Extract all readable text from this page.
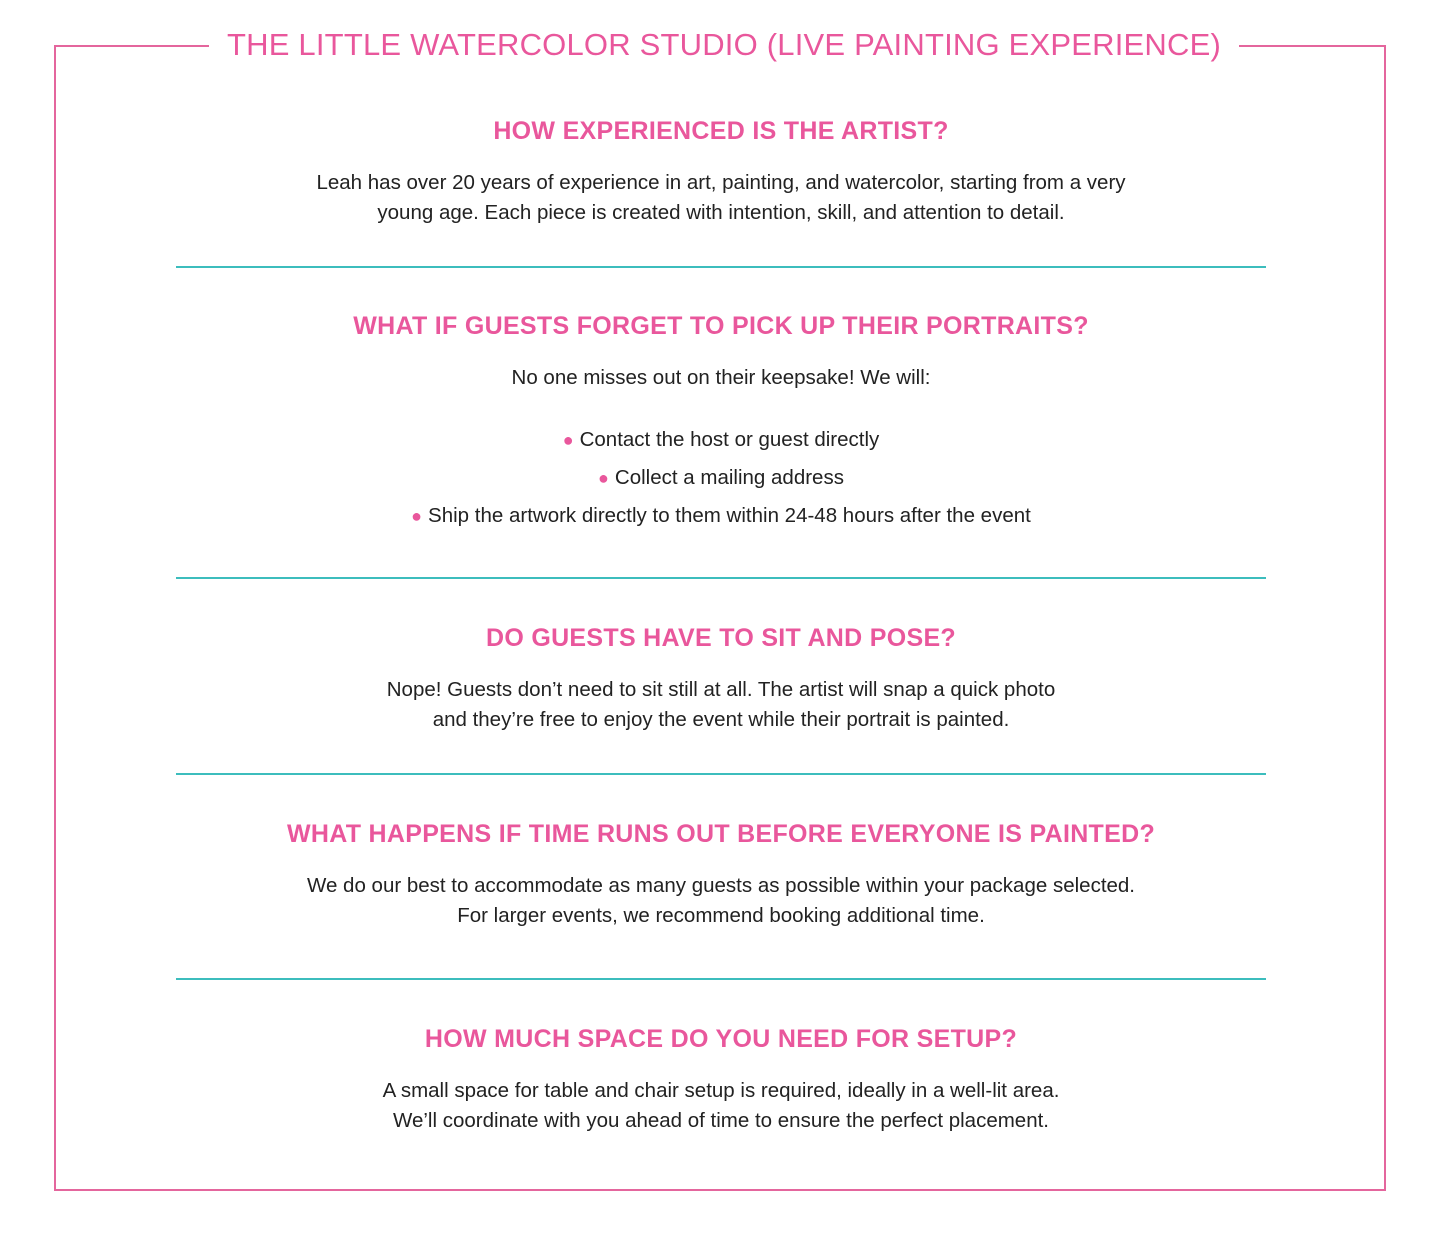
THE LITTLE WATERCOLOR STUDIO (LIVE PAINTING EXPERIENCE)
HOW EXPERIENCED IS THE ARTIST?

Leah has over 20 years of experience in art, painting, and watercolor, starting from a very
young age. Each piece is created with intention, skill, and attention to detail.

WHAT IF GUESTS FORGET TO PICK UP THEIR PORTRAITS?

No one misses out on their keepsake! We will:

● Contact the host or guest directly
● Collect a mailing address
● Ship the artwork directly to them within 24-48 hours after the event
DO GUESTS HAVE TO SIT AND POSE?

Nope! Guests don’t need to sit still at all. The artist will snap a quick photo
and they’re free to enjoy the event while their portrait is painted.

WHAT HAPPENS IF TIME RUNS OUT BEFORE EVERYONE IS PAINTED?

We do our best to accommodate as many guests as possible within your package selected.
For larger events, we recommend booking additional time.

HOW MUCH SPACE DO YOU NEED FOR SETUP?

A small space for table and chair setup is required, ideally in a well-lit area.
We’ll coordinate with you ahead of time to ensure the perfect placement.
